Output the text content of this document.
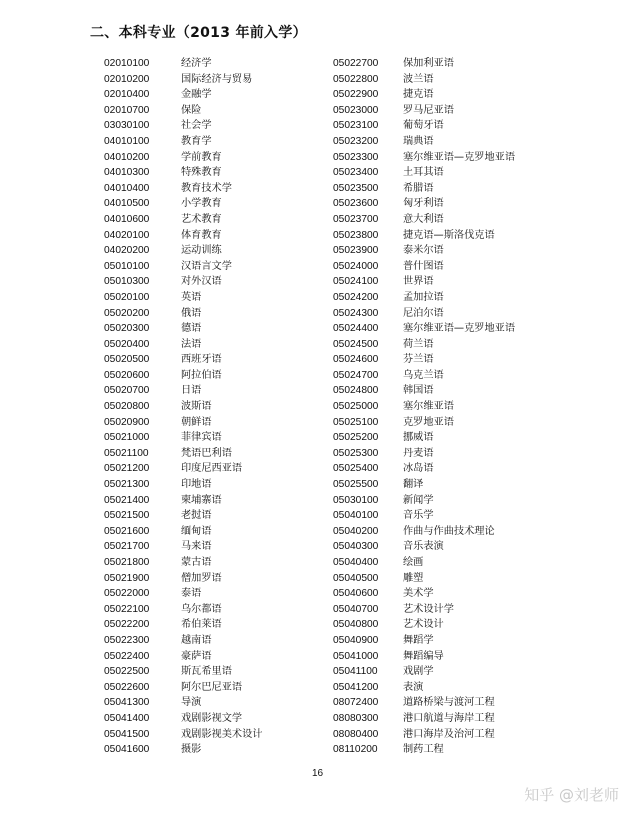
二、本科专业（2013 年前入学）
02010100	经济学
02010200	国际经济与贸易
02010400	金融学
02010700	保险
03030100	社会学
04010100	教育学
04010200	学前教育
04010300	特殊教育
04010400	教育技术学
04010500	小学教育
04010600	艺术教育
04020100	体育教育
04020200	运动训练
05010100	汉语言文学
05010300	对外汉语
05020100	英语
05020200	俄语
05020300	德语
05020400	法语
05020500	西班牙语
05020600	阿拉伯语
05020700	日语
05020800	波斯语
05020900	朝鲜语
05021000	菲律宾语
05021100	梵语巴利语
05021200	印度尼西亚语
05021300	印地语
05021400	柬埔寨语
05021500	老挝语
05021600	缅甸语
05021700	马来语
05021800	蒙古语
05021900	僧加罗语
05022000	泰语
05022100	乌尔都语
05022200	希伯莱语
05022300	越南语
05022400	豪萨语
05022500	斯瓦希里语
05022600	阿尔巴尼亚语
05041300	导演
05041400	戏剧影视文学
05041500	戏剧影视美术设计
05041600	摄影
05022700 保加利亚语
05022800 波兰语
05022900 捷克语
05023000 罗马尼亚语
05023100 葡萄牙语
05023200 瑞典语
05023300 塞尔维亚语—克罗地亚语
05023400 土耳其语
05023500 希腊语
05023600 匈牙利语
05023700 意大利语
05023800 捷克语—斯洛伐克语
05023900 泰米尔语
05024000 普什图语
05024100 世界语
05024200 孟加拉语
05024300 尼泊尔语
05024400 塞尔维亚语—克罗地亚语
05024500 荷兰语
05024600 芬兰语
05024700 乌克兰语
05024800 韩国语
05025000 塞尔维亚语
05025100 克罗地亚语
05025200 挪威语
05025300 丹麦语
05025400 冰岛语
05025500 翻译
05030100 新闻学
05040100 音乐学
05040200 作曲与作曲技术理论
05040300 音乐表演
05040400 绘画
05040500 雕塑
05040600 美术学
05040700 艺术设计学
05040800 艺术设计
05040900 舞蹈学
05041000 舞蹈编导
05041100 戏剧学
05041200 表演
08072400 道路桥梁与渡河工程
08080300 港口航道与海岸工程
08080400 港口海岸及治河工程
08110200 制药工程
16
知乎 @刘老师
